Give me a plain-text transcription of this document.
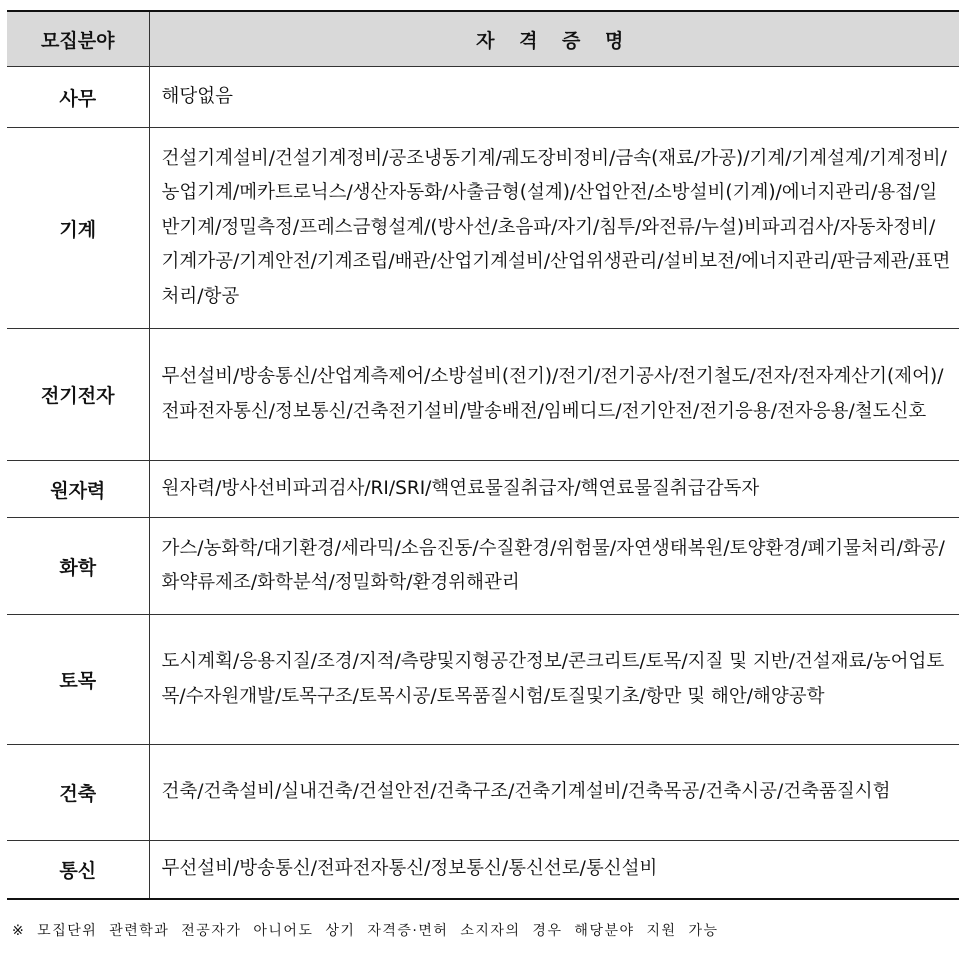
모집분야	자 격 증 명
사무	해당없음
기계	건설기계설비/건설기계정비/공조냉동기계/궤도장비정비/금속(재료/가공)/기계/기계설계/기계정비/농업기계/메카트로닉스/생산자동화/사출금형(설계)/산업안전/소방설비(기계)/에너지관리/용접/일반기계/정밀측정/프레스금형설계/(방사선/초음파/자기/침투/와전류/누설)비파괴검사/자동차정비/기계가공/기계안전/기계조립/배관/산업기계설비/산업위생관리/설비보전/에너지관리/판금제관/표면처리/항공
전기전자	무선설비/방송통신/산업계측제어/소방설비(전기)/전기/전기공사/전기철도/전자/전자계산기(제어)/전파전자통신/정보통신/건축전기설비/발송배전/임베디드/전기안전/전기응용/전자응용/철도신호
원자력	원자력/방사선비파괴검사/RI/SRI/핵연료물질취급자/핵연료물질취급감독자
화학	가스/농화학/대기환경/세라믹/소음진동/수질환경/위험물/자연생태복원/토양환경/폐기물처리/화공/화약류제조/화학분석/정밀화학/환경위해관리
토목	도시계획/응용지질/조경/지적/측량및지형공간정보/콘크리트/토목/지질 및 지반/건설재료/농어업토목/수자원개발/토목구조/토목시공/토목품질시험/토질및기초/항만 및 해안/해양공학
건축	건축/건축설비/실내건축/건설안전/건축구조/건축기계설비/건축목공/건축시공/건축품질시험
통신	무선설비/방송통신/전파전자통신/정보통신/통신선로/통신설비
※ 모집단위 관련학과 전공자가 아니어도 상기 자격증·면허 소지자의 경우 해당분야 지원 가능
